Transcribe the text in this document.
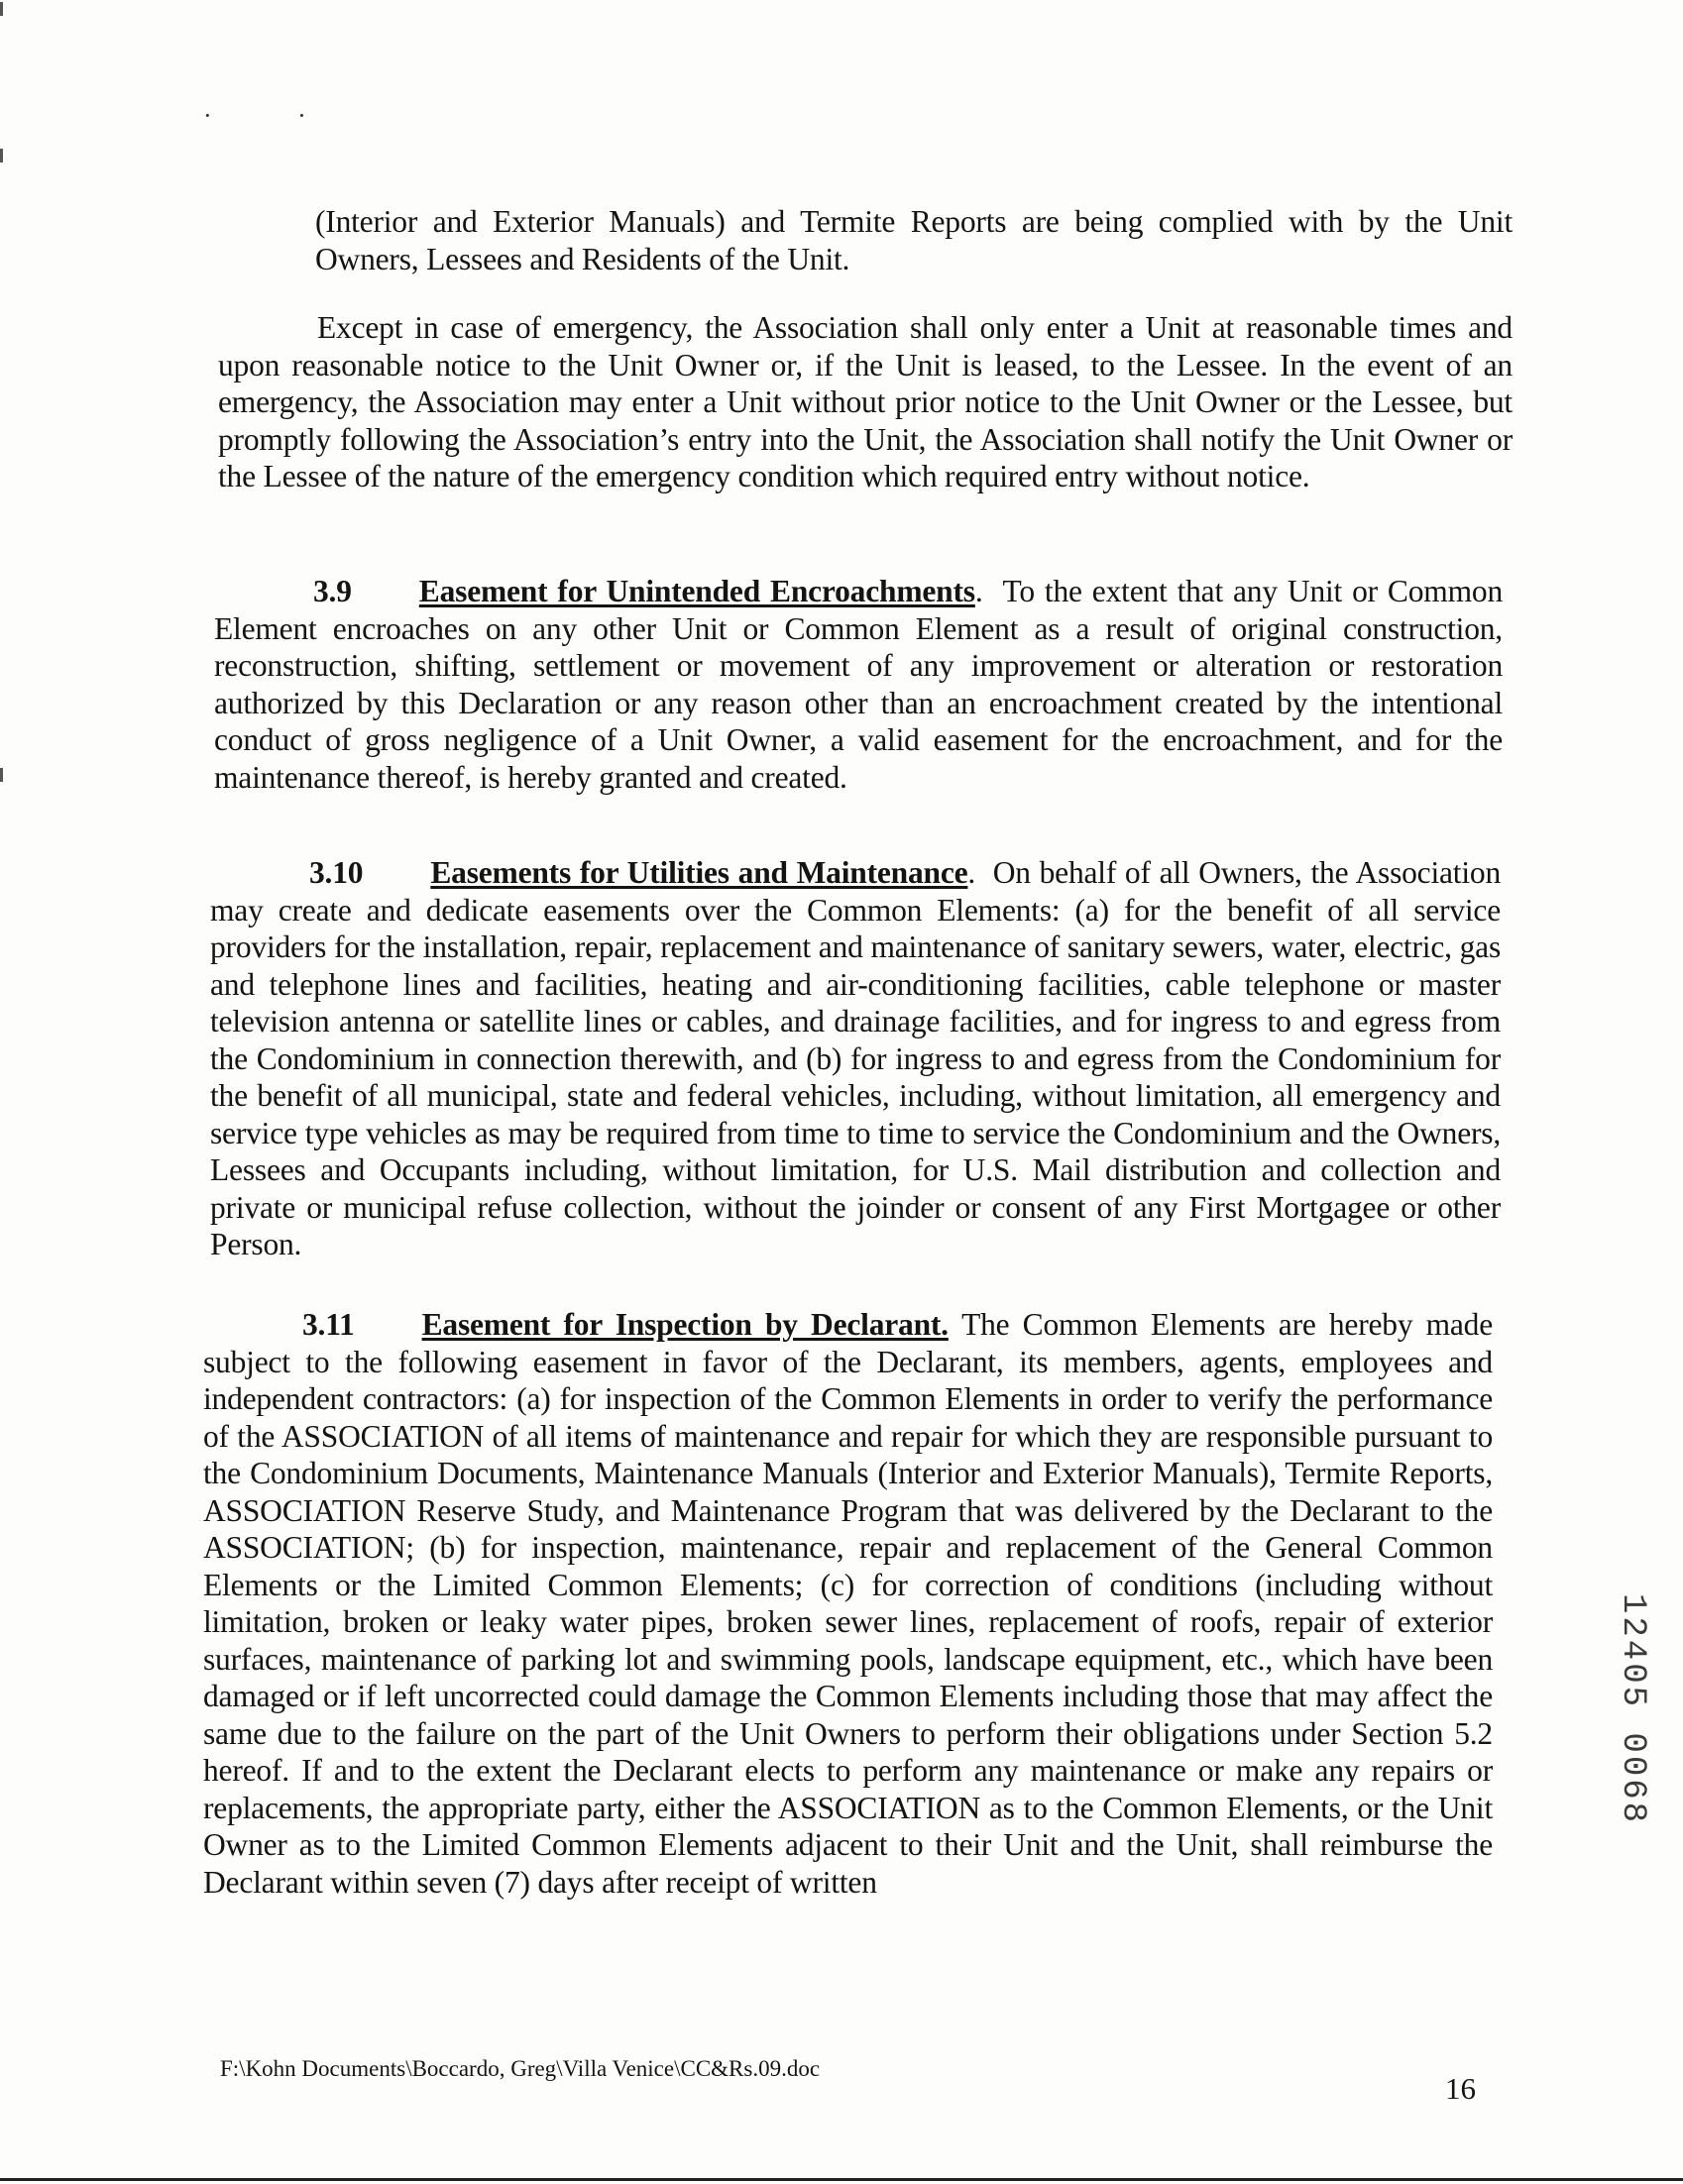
· ·

(Interior and Exterior Manuals) and Termite Reports are being complied with by the Unit Owners, Lessees and Residents of the Unit.

Except in case of emergency, the Association shall only enter a Unit at reasonable times and upon reasonable notice to the Unit Owner or, if the Unit is leased, to the Lessee. In the event of an emergency, the Association may enter a Unit without prior notice to the Unit Owner or the Lessee, but promptly following the Association’s entry into the Unit, the Association shall notify the Unit Owner or the Lessee of the nature of the emergency condition which required entry without notice.

3.9 Easement for Unintended Encroachments. To the extent that any Unit or Common Element encroaches on any other Unit or Common Element as a result of original construction, reconstruction, shifting, settlement or movement of any improvement or alteration or restoration authorized by this Declaration or any reason other than an encroachment created by the intentional conduct of gross negligence of a Unit Owner, a valid easement for the encroachment, and for the maintenance thereof, is hereby granted and created.

3.10 Easements for Utilities and Maintenance. On behalf of all Owners, the Association may create and dedicate easements over the Common Elements: (a) for the benefit of all service providers for the installation, repair, replacement and maintenance of sanitary sewers, water, electric, gas and telephone lines and facilities, heating and air-conditioning facilities, cable telephone or master television antenna or satellite lines or cables, and drainage facilities, and for ingress to and egress from the Condominium in connection therewith, and (b) for ingress to and egress from the Condominium for the benefit of all municipal, state and federal vehicles, including, without limitation, all emergency and service type vehicles as may be required from time to time to service the Condominium and the Owners, Lessees and Occupants including, without limitation, for U.S. Mail distribution and collection and private or municipal refuse collection, without the joinder or consent of any First Mortgagee or other Person.

3.11 Easement for Inspection by Declarant. The Common Elements are hereby made subject to the following easement in favor of the Declarant, its members, agents, employees and independent contractors: (a) for inspection of the Common Elements in order to verify the performance of the ASSOCIATION of all items of maintenance and repair for which they are responsible pursuant to the Condominium Documents, Maintenance Manuals (Interior and Exterior Manuals), Termite Reports, ASSOCIATION Reserve Study, and Maintenance Program that was delivered by the Declarant to the ASSOCIATION; (b) for inspection, maintenance, repair and replacement of the General Common Elements or the Limited Common Elements; (c) for correction of conditions (including without limitation, broken or leaky water pipes, broken sewer lines, replacement of roofs, repair of exterior surfaces, maintenance of parking lot and swimming pools, landscape equipment, etc., which have been damaged or if left uncorrected could damage the Common Elements including those that may affect the same due to the failure on the part of the Unit Owners to perform their obligations under Section 5.2 hereof. If and to the extent the Declarant elects to perform any maintenance or make any repairs or replacements, the appropriate party, either the ASSOCIATION as to the Common Elements, or the Unit Owner as to the Limited Common Elements adjacent to their Unit and the Unit, shall reimburse the Declarant within seven (7) days after receipt of written

12405 0068
F:\Kohn Documents\Boccardo, Greg\Villa Venice\CC&Rs.09.doc
16
